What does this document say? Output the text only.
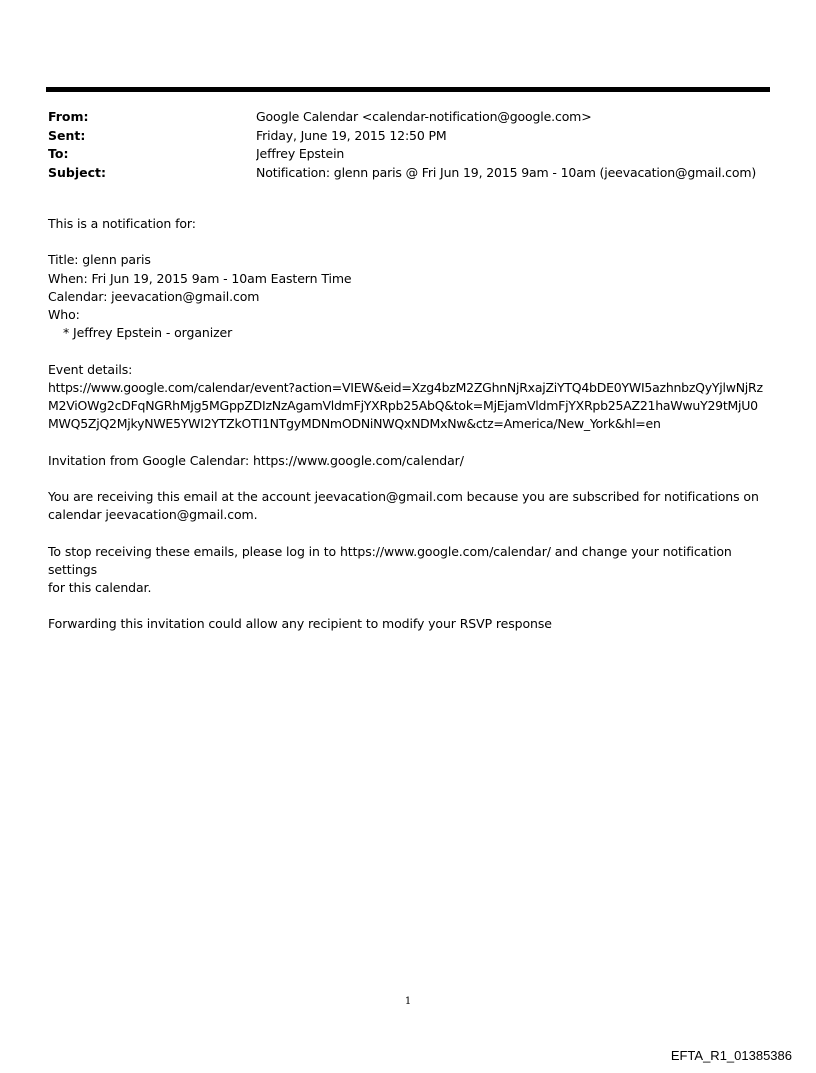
From:	Google Calendar <calendar-notification@google.com>
Sent:	Friday, June 19, 2015 12:50 PM
To:	Jeffrey Epstein
Subject:	Notification: glenn paris @ Fri Jun 19, 2015 9am - 10am (jeevacation@gmail.com)

This is a notification for:

Title: glenn paris
When: Fri Jun 19, 2015 9am - 10am Eastern Time
Calendar: jeevacation@gmail.com
Who:
* Jeffrey Epstein - organizer

Event details:
https://www.google.com/calendar/event?action=VIEW&eid=Xzg4bzM2ZGhnNjRxajZiYTQ4bDE0YWI5azhnbzQyYjlwNjRz
M2ViOWg2cDFqNGRhMjg5MGppZDIzNzAgamVldmFjYXRpb25AbQ&tok=MjEjamVldmFjYXRpb25AZ21haWwuY29tMjU0
MWQ5ZjQ2MjkyNWE5YWI2YTZkOTI1NTgyMDNmODNiNWQxNDMxNw&ctz=America/New_York&hl=en

Invitation from Google Calendar: https://www.google.com/calendar/

You are receiving this email at the account jeevacation@gmail.com because you are subscribed for notifications on
calendar jeevacation@gmail.com.

To stop receiving these emails, please log in to https://www.google.com/calendar/ and change your notification settings
for this calendar.

Forwarding this invitation could allow any recipient to modify your RSVP response

1
EFTA_R1_01385386
